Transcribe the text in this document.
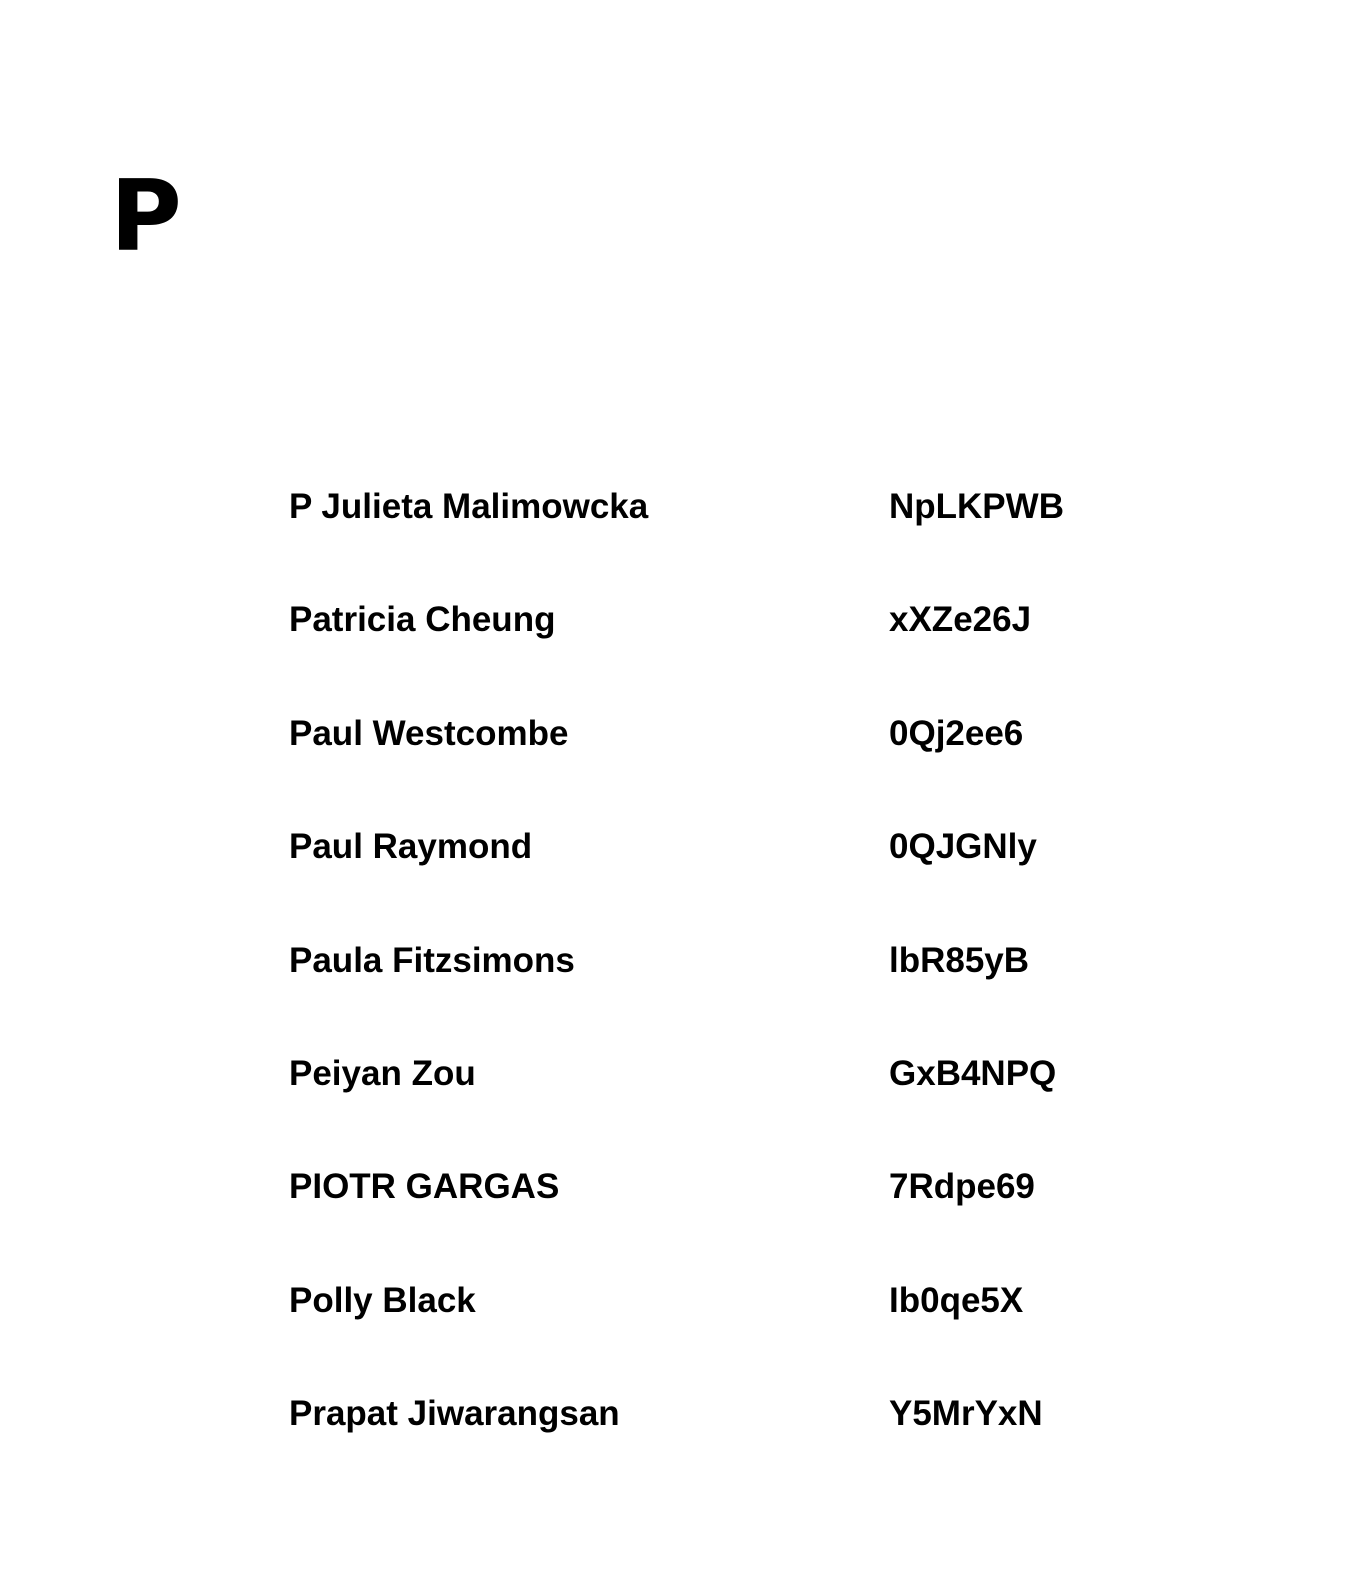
P
P Julieta Malimowcka	NpLKPWB
Patricia Cheung	xXZe26J
Paul Westcombe	0Qj2ee6
Paul Raymond	0QJGNly
Paula Fitzsimons	lbR85yB
Peiyan Zou	GxB4NPQ
PIOTR GARGAS	7Rdpe69
Polly Black	Ib0qe5X
Prapat Jiwarangsan	Y5MrYxN
